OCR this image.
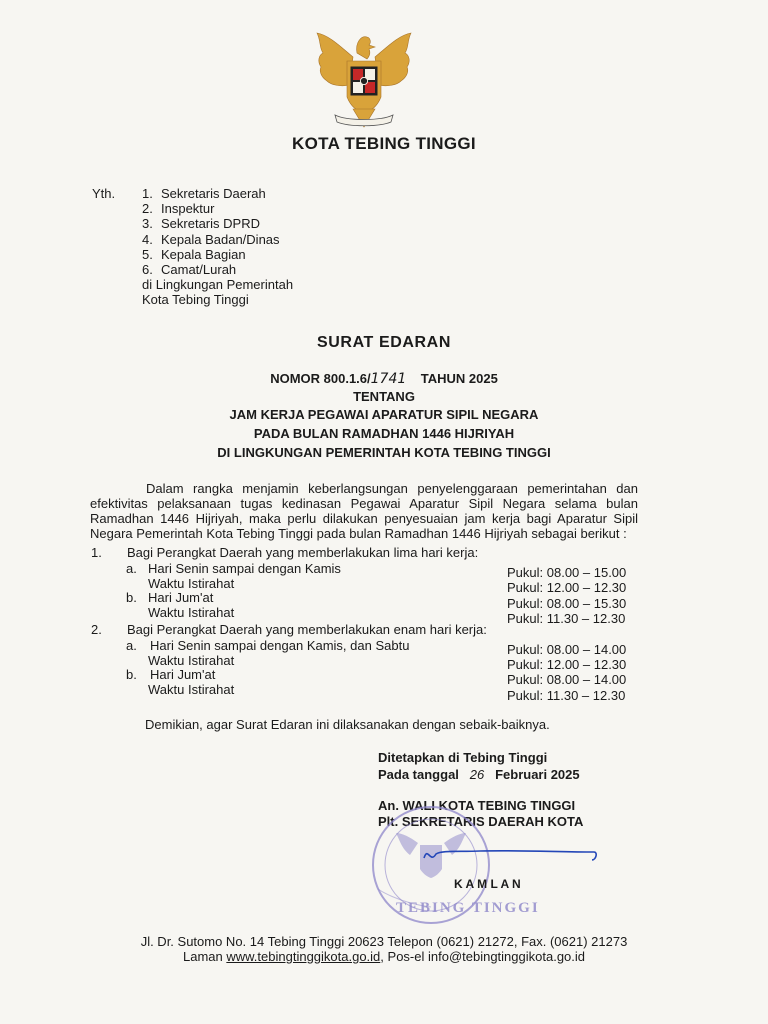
KOTA TEBING TINGGI
Yth. 1. Sekretaris Daerah
2. Inspektur
3. Sekretaris DPRD
4. Kepala Badan/Dinas
5. Kepala Bagian
6. Camat/Lurah
di Lingkungan Pemerintah
Kota Tebing Tinggi
SURAT EDARAN
NOMOR 800.1.6/1741 TAHUN 2025
TENTANG
JAM KERJA PEGAWAI APARATUR SIPIL NEGARA
PADA BULAN RAMADHAN 1446 HIJRIYAH
DI LINGKUNGAN PEMERINTAH KOTA TEBING TINGGI
Dalam rangka menjamin keberlangsungan penyelenggaraan pemerintahan dan efektivitas pelaksanaan tugas kedinasan Pegawai Aparatur Sipil Negara selama bulan Ramadhan 1446 Hijriyah, maka perlu dilakukan penyesuaian jam kerja bagi Aparatur Sipil Negara Pemerintah Kota Tebing Tinggi pada bulan Ramadhan 1446 Hijriyah sebagai berikut :
1. Bagi Perangkat Daerah yang memberlakukan lima hari kerja:
a. Hari Senin sampai dengan Kamis	Pukul: 08.00 – 15.00
Waktu Istirahat	Pukul: 12.00 – 12.30
b. Hari Jum'at	Pukul: 08.00 – 15.30
Waktu Istirahat	Pukul: 11.30 – 12.30
2. Bagi Perangkat Daerah yang memberlakukan enam hari kerja:
a. Hari Senin sampai dengan Kamis, dan Sabtu	Pukul: 08.00 – 14.00
Waktu Istirahat	Pukul: 12.00 – 12.30
b. Hari Jum'at	Pukul: 08.00 – 14.00
Waktu Istirahat	Pukul: 11.30 – 12.30
Demikian, agar Surat Edaran ini dilaksanakan dengan sebaik-baiknya.
Ditetapkan di Tebing Tinggi
Pada tanggal 26 Februari 2025
An. WALI KOTA TEBING TINGGI
Plt. SEKRETARIS DAERAH KOTA
TEBING TINGGI
K A M L A N
Jl. Dr. Sutomo No. 14 Tebing Tinggi 20623 Telepon (0621) 21272, Fax. (0621) 21273
Laman www.tebingtinggikota.go.id, Pos-el info@tebingtinggikota.go.id
